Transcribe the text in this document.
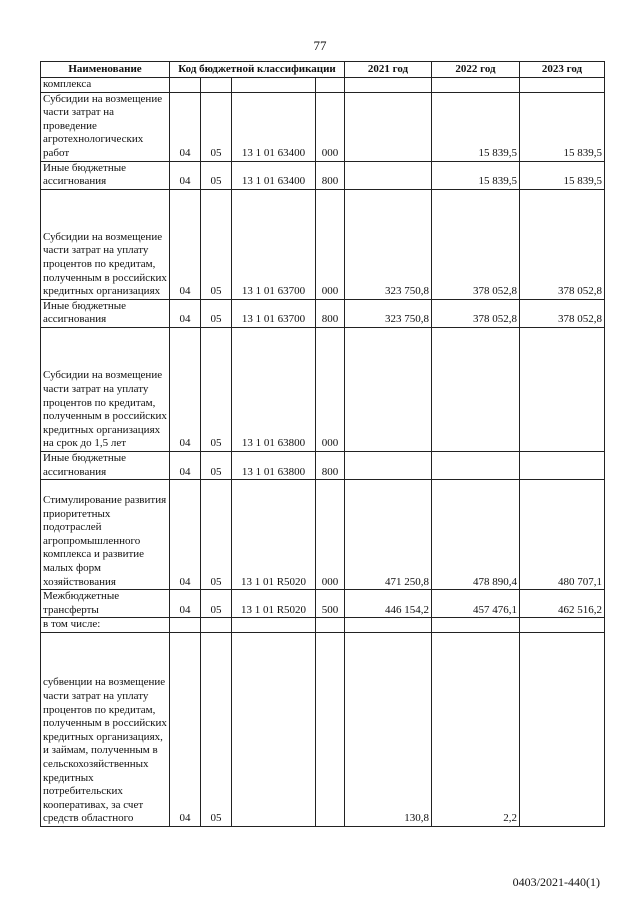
77
Наименование	Код бюджетной классификации				2021 год	2022 год	2023 год
комплекса							
Субсидии на возмещение части затрат на проведение агротехнологических работ	04	05	13 1 01 63400	000		15 839,5	15 839,5
Иные бюджетные ассигнования	04	05	13 1 01 63400	800		15 839,5	15 839,5
Субсидии на возмещение части затрат на уплату процентов по кредитам, полученным в российских кредитных организациях	04	05	13 1 01 63700	000	323 750,8	378 052,8	378 052,8
Иные бюджетные ассигнования	04	05	13 1 01 63700	800	323 750,8	378 052,8	378 052,8
Субсидии на возмещение части затрат на уплату процентов по кредитам, полученным в российских кредитных организациях на срок до 1,5 лет	04	05	13 1 01 63800	000			
Иные бюджетные ассигнования	04	05	13 1 01 63800	800			
Стимулирование развития приоритетных подотраслей агропромышленного комплекса и развитие малых форм хозяйствования	04	05	13 1 01 R5020	000	471 250,8	478 890,4	480 707,1
Межбюджетные трансферты	04	05	13 1 01 R5020	500	446 154,2	457 476,1	462 516,2
в том числе:							
субвенции на возмещение части затрат на уплату процентов по кредитам, полученным в российских кредитных организациях, и займам, полученным в сельскохозяйственных кредитных потребительских кооперативах, за счет средств областного	04	05			130,8	2,2	
0403/2021-440(1)
